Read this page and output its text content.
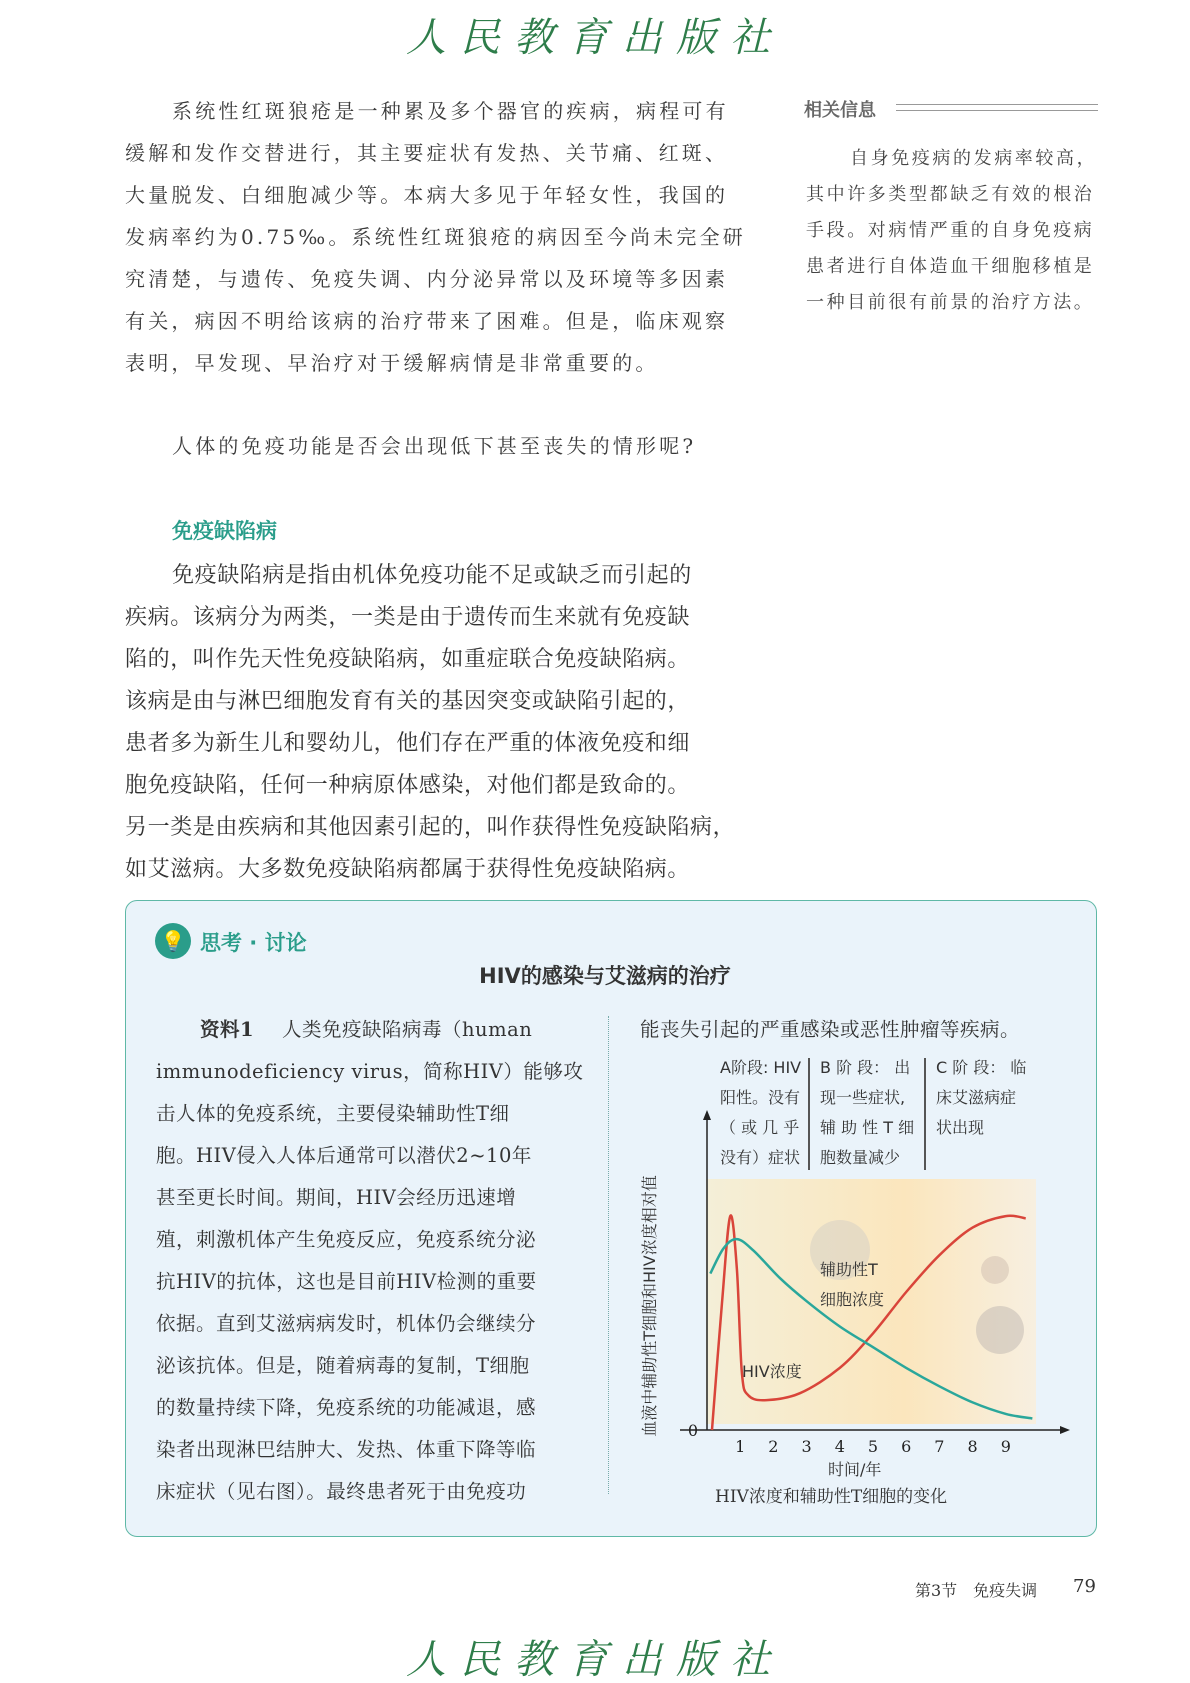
人民教育出版社
人体的免疫功能是否会出现低下甚至丧失的情形呢?
免疫缺陷病
相关信息
💡 思考 · 讨论
HIV的感染与艾滋病的治疗
能丧失引起的严重感染或恶性肿瘤等疾病。
0
1 2 3 4 5 6 7 8 9
辅助性T
细胞浓度
HIV浓度
血液中辅助性T细胞和HIV浓度相对值
时间/年
HIV浓度和辅助性T细胞的变化
第3节　免疫失调 79
人民教育出版社
系统性红斑狼疮是一种累及多个器官的疾病，病程可有
缓解和发作交替进行，其主要症状有发热、关节痛、红斑、
大量脱发、白细胞减少等。本病大多见于年轻女性，我国的
发病率约为0.75‰。系统性红斑狼疮的病因至今尚未完全研
究清楚，与遗传、免疫失调、内分泌异常以及环境等多因素
有关，病因不明给该病的治疗带来了困难。但是，临床观察
表明，早发现、早治疗对于缓解病情是非常重要的。
免疫缺陷病是指由机体免疫功能不足或缺乏而引起的
疾病。该病分为两类，一类是由于遗传而生来就有免疫缺
陷的，叫作先天性免疫缺陷病，如重症联合免疫缺陷病。
该病是由与淋巴细胞发育有关的基因突变或缺陷引起的，
患者多为新生儿和婴幼儿，他们存在严重的体液免疫和细
胞免疫缺陷，任何一种病原体感染，对他们都是致命的。
另一类是由疾病和其他因素引起的，叫作获得性免疫缺陷病，
如艾滋病。大多数免疫缺陷病都属于获得性免疫缺陷病。
自身免疫病的发病率较高，
其中许多类型都缺乏有效的根治
手段。对病情严重的自身免疫病
患者进行自体造血干细胞移植是
一种目前很有前景的治疗方法。
资料1 人类免疫缺陷病毒（human
immunodeficiency virus，简称HIV）能够攻
击人体的免疫系统，主要侵染辅助性T细
胞。HIV侵入人体后通常可以潜伏2~10年
甚至更长时间。期间，HIV会经历迅速增
殖，刺激机体产生免疫反应，免疫系统分泌
抗HIV的抗体，这也是目前HIV检测的重要
依据。直到艾滋病病发时，机体仍会继续分
泌该抗体。但是，随着病毒的复制，T细胞
的数量持续下降，免疫系统的功能减退，感
染者出现淋巴结肿大、发热、体重下降等临
床症状（见右图）。最终患者死于由免疫功
A阶段: HIV
阳性。没有
（ 或 几 乎
没有）症状
B 阶 段： 出
现一些症状,
辅 助 性 T 细
胞数量减少
C 阶 段： 临
床艾滋病症
状出现
